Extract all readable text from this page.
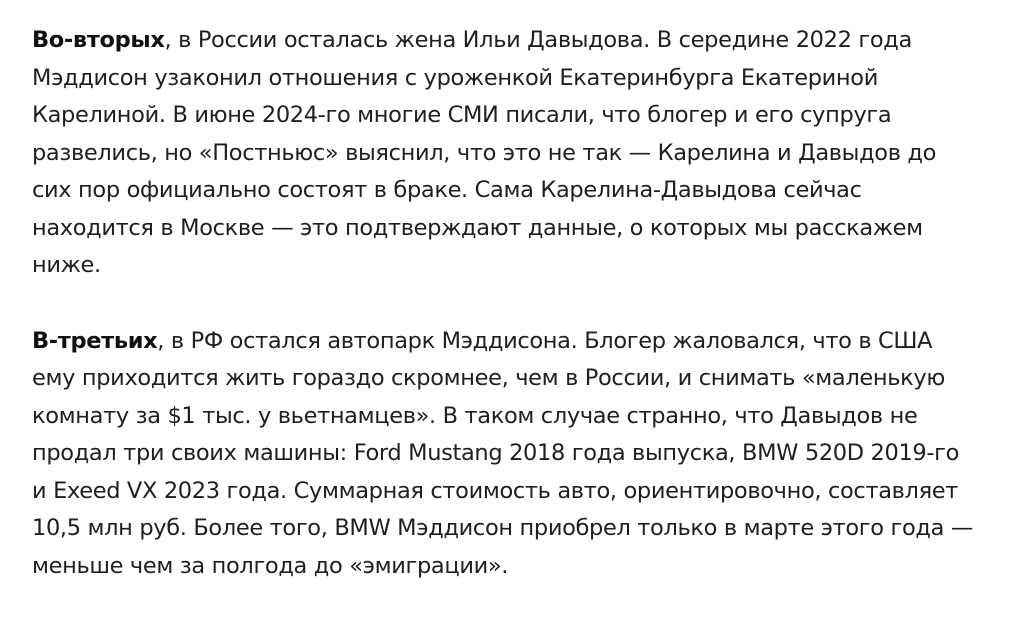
Во-вторых, в России осталась жена Ильи Давыдова. В середине 2022 года
Мэддисон узаконил отношения с уроженкой Екатеринбурга Екатериной
Карелиной. В июне 2024-го многие СМИ писали, что блогер и его супруга
развелись, но «Постньюс» выяснил, что это не так — Карелина и Давыдов до
сих пор официально состоят в браке. Сама Карелина-Давыдова сейчас
находится в Москве — это подтверждают данные, о которых мы расскажем
ниже.

В-третьих, в РФ остался автопарк Мэддисона. Блогер жаловался, что в США
ему приходится жить гораздо скромнее, чем в России, и снимать «маленькую
комнату за $1 тыс. у вьетнамцев». В таком случае странно, что Давыдов не
продал три своих машины: Ford Mustang 2018 года выпуска, BMW 520D 2019-го
и Exeed VX 2023 года. Суммарная стоимость авто, ориентировочно, составляет
10,5 млн руб. Более того, BMW Мэддисон приобрел только в марте этого года —
меньше чем за полгода до «эмиграции».
